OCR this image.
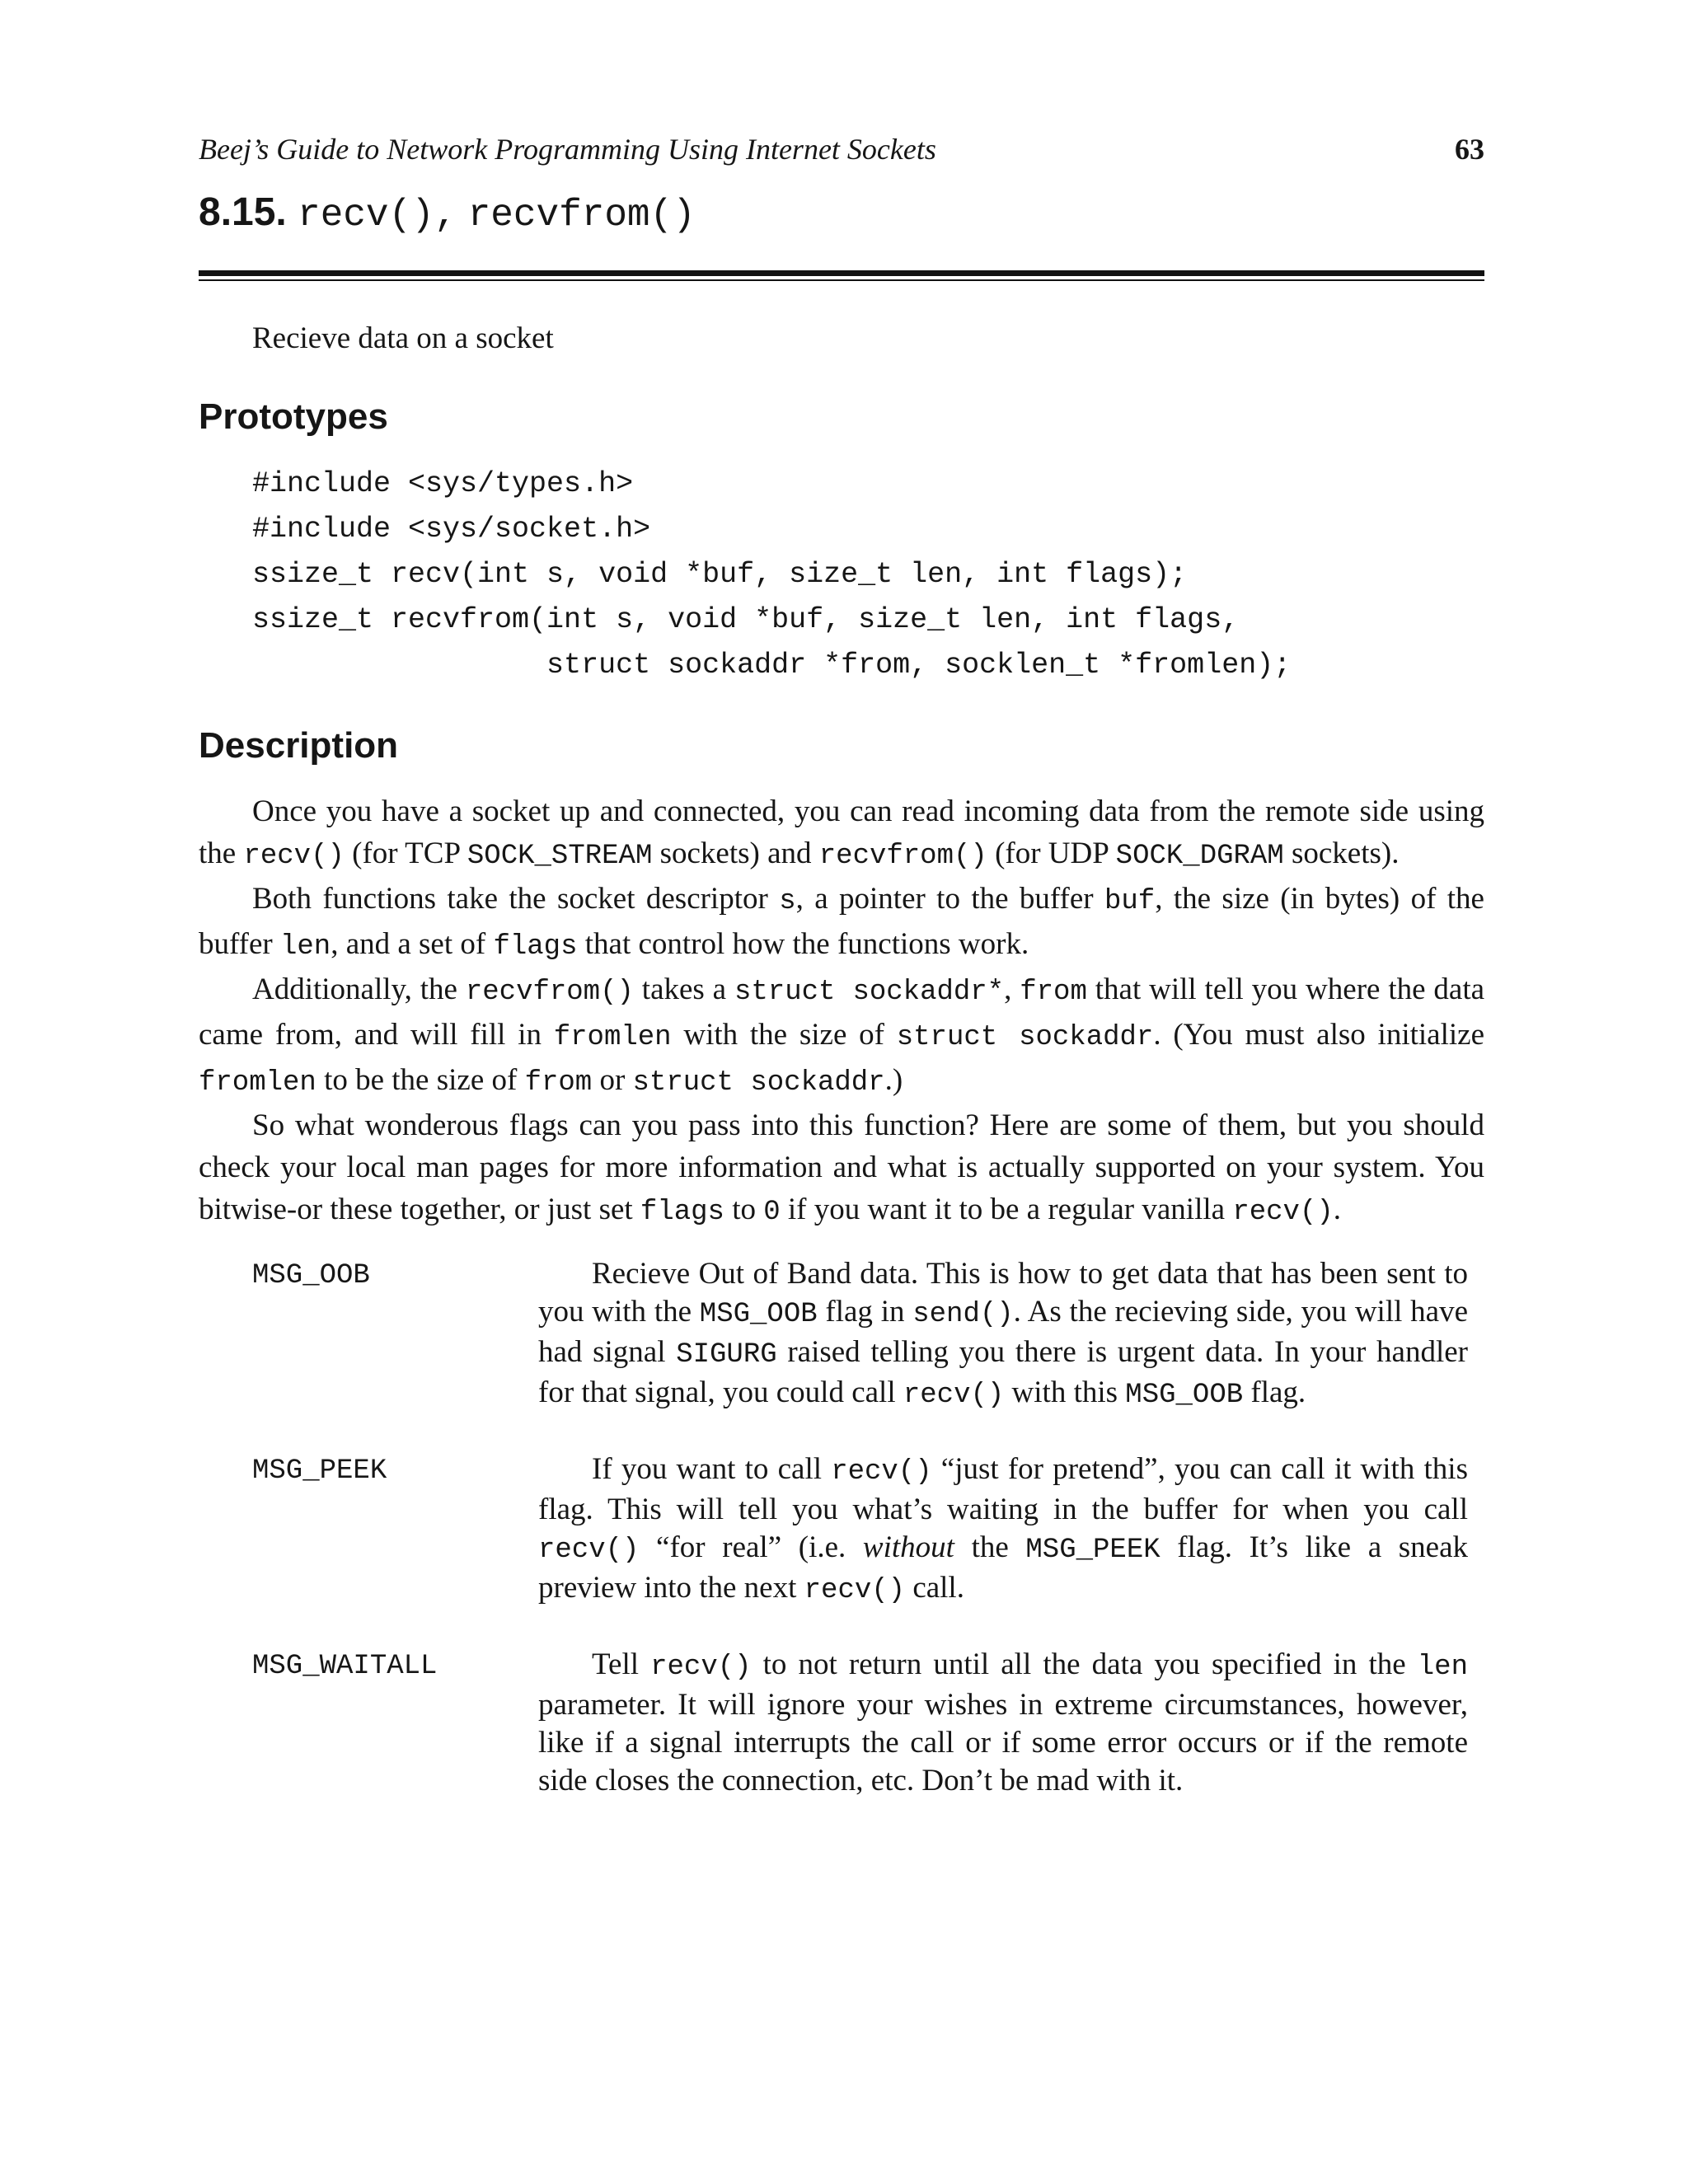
Beej’s Guide to Network Programming Using Internet Sockets	63
8.15. recv(), recvfrom()
Recieve data on a socket
Prototypes
#include <sys/types.h>
#include <sys/socket.h>
ssize_t recv(int s, void *buf, size_t len, int flags);
ssize_t recvfrom(int s, void *buf, size_t len, int flags,
struct sockaddr *from, socklen_t *fromlen);
Description

Once you have a socket up and connected, you can read incoming data from the remote side using the recv() (for TCP SOCK_STREAM sockets) and recvfrom() (for UDP SOCK_DGRAM sockets).

Both functions take the socket descriptor s, a pointer to the buffer buf, the size (in bytes) of the buffer len, and a set of flags that control how the functions work.

Additionally, the recvfrom() takes a struct sockaddr*, from that will tell you where the data came from, and will fill in fromlen with the size of struct sockaddr. (You must also initialize fromlen to be the size of from or struct sockaddr.)

So what wonderous flags can you pass into this function? Here are some of them, but you should check your local man pages for more information and what is actually supported on your system. You bitwise-or these together, or just set flags to 0 if you want it to be a regular vanilla recv().

MSG_OOB	Recieve Out of Band data. This is how to get data that has been sent to you with the MSG_OOB flag in send(). As the recieving side, you will have had signal SIGURG raised telling you there is urgent data. In your handler for that signal, you could call recv() with this MSG_OOB flag.
MSG_PEEK	If you want to call recv() “just for pretend”, you can call it with this flag. This will tell you what’s waiting in the buffer for when you call recv() “for real” (i.e. without the MSG_PEEK flag. It’s like a sneak preview into the next recv() call.
MSG_WAITALL	Tell recv() to not return until all the data you specified in the len parameter. It will ignore your wishes in extreme circumstances, however, like if a signal interrupts the call or if some error occurs or if the remote side closes the connection, etc. Don’t be mad with it.
